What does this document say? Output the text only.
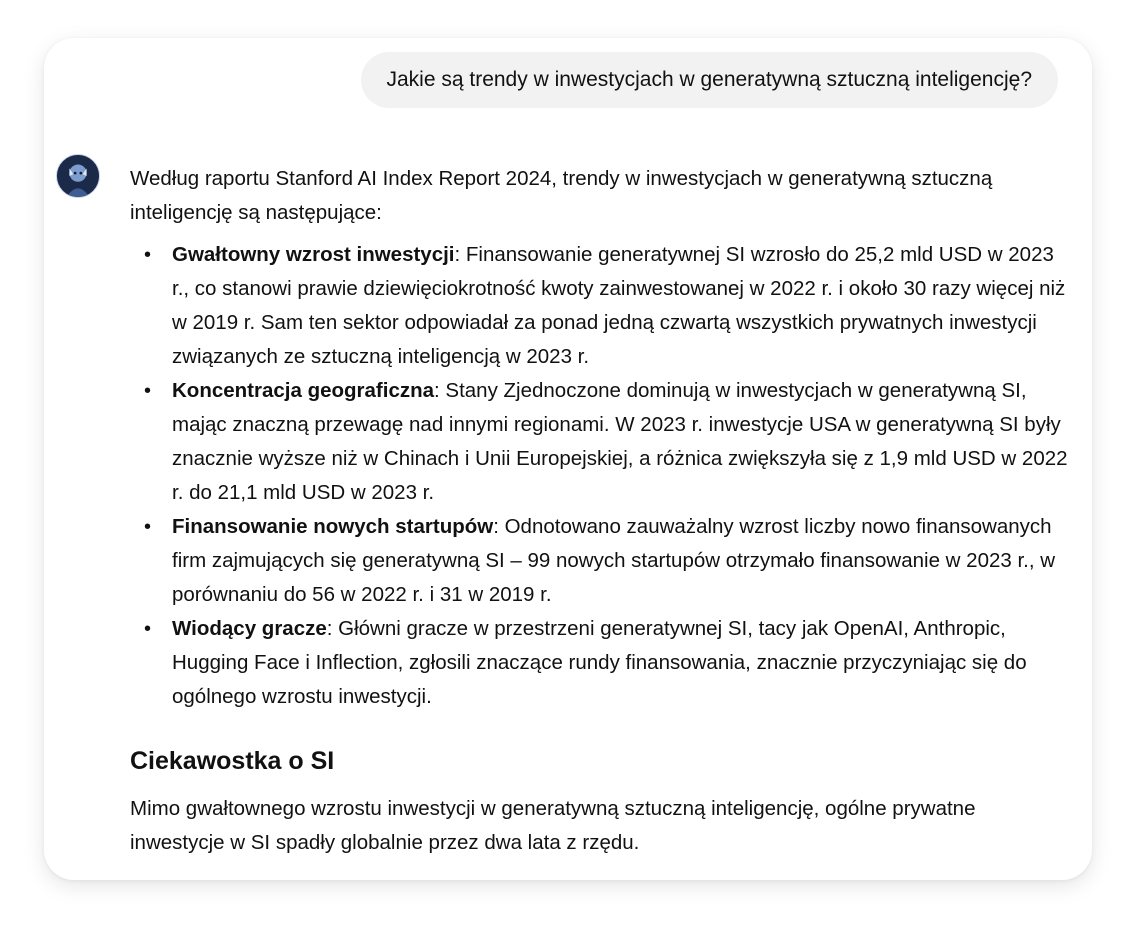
Jakie są trendy w inwestycjach w generatywną sztuczną inteligencję?

Według raportu Stanford AI Index Report 2024, trendy w inwestycjach w generatywną sztuczną inteligencję są następujące:

• Gwałtowny wzrost inwestycji: Finansowanie generatywnej SI wzrosło do 25,2 mld USD w 2023 r., co stanowi prawie dziewięciokrotność kwoty zainwestowanej w 2022 r. i około 30 razy więcej niż w 2019 r. Sam ten sektor odpowiadał za ponad jedną czwartą wszystkich prywatnych inwestycji związanych ze sztuczną inteligencją w 2023 r.
• Koncentracja geograficzna: Stany Zjednoczone dominują w inwestycjach w generatywną SI, mając znaczną przewagę nad innymi regionami. W 2023 r. inwestycje USA w generatywną SI były znacznie wyższe niż w Chinach i Unii Europejskiej, a różnica zwiększyła się z 1,9 mld USD w 2022 r. do 21,1 mld USD w 2023 r.
• Finansowanie nowych startupów: Odnotowano zauważalny wzrost liczby nowo finansowanych firm zajmujących się generatywną SI – 99 nowych startupów otrzymało finansowanie w 2023 r., w porównaniu do 56 w 2022 r. i 31 w 2019 r.
• Wiodący gracze: Główni gracze w przestrzeni generatywnej SI, tacy jak OpenAI, Anthropic, Hugging Face i Inflection, zgłosili znaczące rundy finansowania, znacznie przyczyniając się do ogólnego wzrostu inwestycji.
Ciekawostka o SI

Mimo gwałtownego wzrostu inwestycji w generatywną sztuczną inteligencję, ogólne prywatne inwestycje w SI spadły globalnie przez dwa lata z rzędu.
